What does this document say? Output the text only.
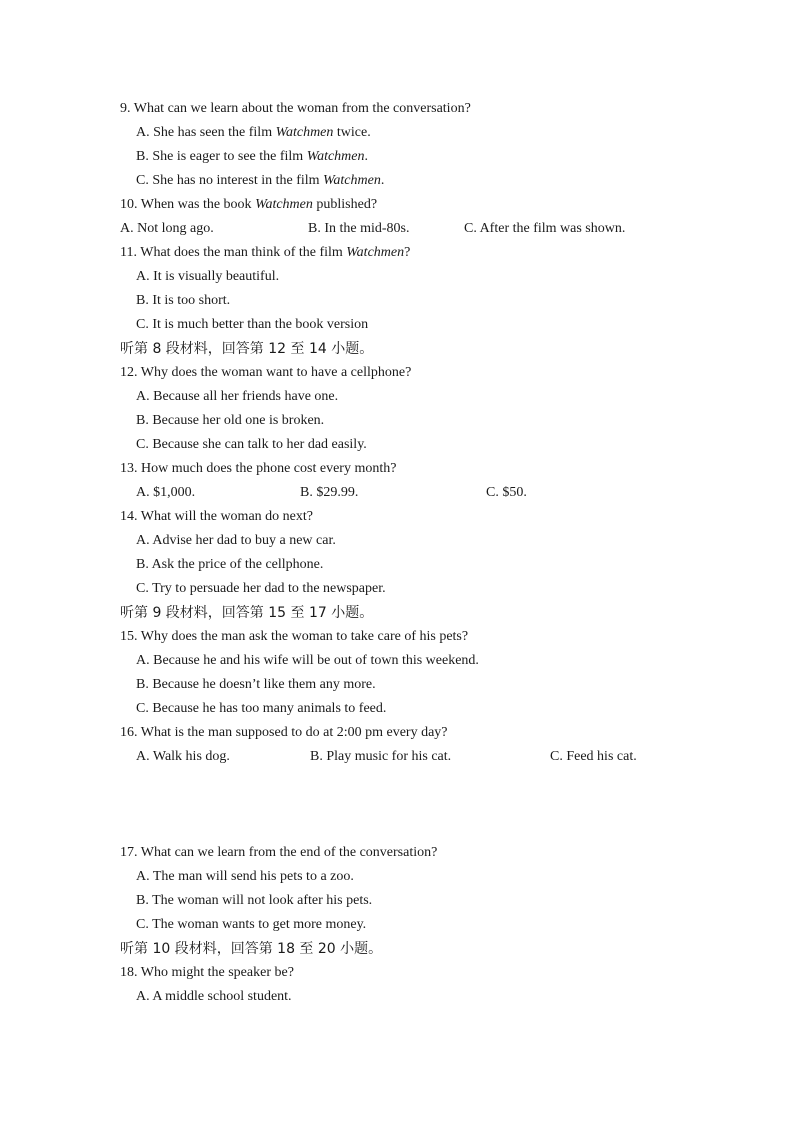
9. What can we learn about the woman from the conversation?
A. She has seen the film Watchmen twice.
B. She is eager to see the film Watchmen.
C. She has no interest in the film Watchmen.
10. When was the book Watchmen published?
A. Not long ago.	B. In the mid-80s.	C. After the film was shown.
11. What does the man think of the film Watchmen?
A. It is visually beautiful.
B. It is too short.
C. It is much better than the book version
听第 8 段材料，回答第 12 至 14 小题。
12. Why does the woman want to have a cellphone?
A. Because all her friends have one.
B. Because her old one is broken.
C. Because she can talk to her dad easily.
13. How much does the phone cost every month?
A. $1,000.	B. $29.99.	C. $50.
14. What will the woman do next?
A. Advise her dad to buy a new car.
B. Ask the price of the cellphone.
C. Try to persuade her dad to the newspaper.
听第 9 段材料，回答第 15 至 17 小题。
15. Why does the man ask the woman to take care of his pets?
A. Because he and his wife will be out of town this weekend.
B. Because he doesn’t like them any more.
C. Because he has too many animals to feed.
16. What is the man supposed to do at 2:00 pm every day?
A. Walk his dog.	B. Play music for his cat.	C. Feed his cat.
17. What can we learn from the end of the conversation?
A. The man will send his pets to a zoo.
B. The woman will not look after his pets.
C. The woman wants to get more money.
听第 10 段材料，回答第 18 至 20 小题。
18. Who might the speaker be?
A. A middle school student.
